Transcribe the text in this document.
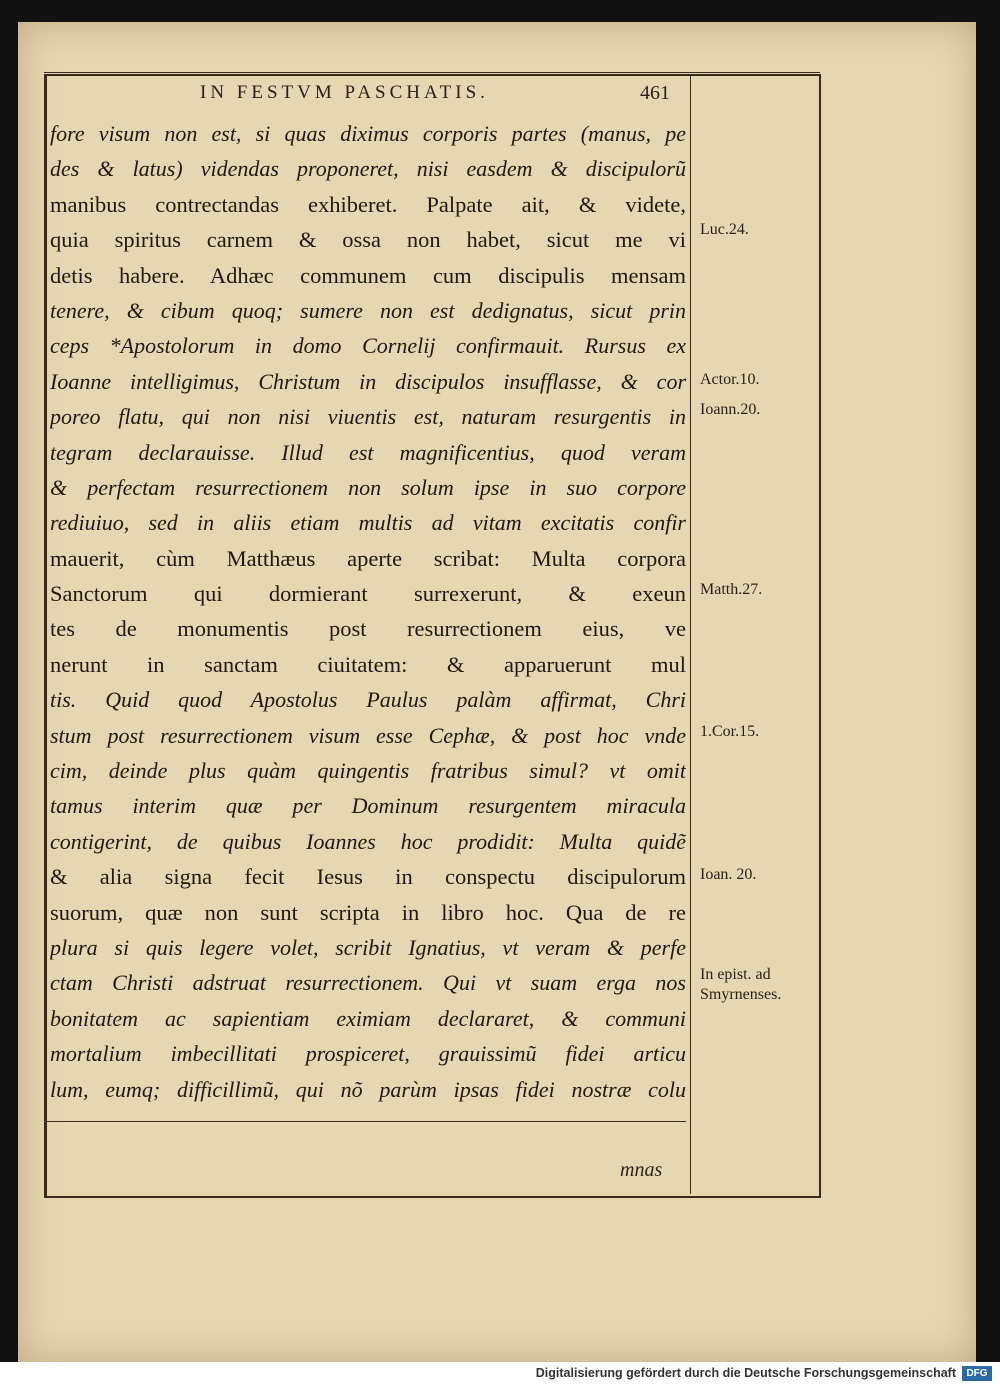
IN FESTVM PASCHATIS.	461
fore visum non est, si quas diximus corporis partes (manus, pe
des & latus) videndas proponeret, nisi easdem & discipulorũ
manibus contrectandas exhiberet. Palpate ait, & videte,
quia spiritus carnem & ossa non habet, sicut me vi
detis habere. Adhæc communem cum discipulis mensam
tenere, & cibum quoq; sumere non est dedignatus, sicut prin
ceps *Apostolorum in domo Cornelij confirmauit. Rursus ex
Ioanne intelligimus, Christum in discipulos insufflasse, & cor
poreo flatu, qui non nisi viuentis est, naturam resurgentis in
tegram declarauisse. Illud est magnificentius, quod veram
& perfectam resurrectionem non solum ipse in suo corpore
rediuiuo, sed in aliis etiam multis ad vitam excitatis confir
mauerit, cùm Matthæus aperte scribat: Multa corpora
Sanctorum qui dormierant surrexerunt, & exeun
tes de monumentis post resurrectionem eius, ve
nerunt in sanctam ciuitatem: & apparuerunt mul
tis. Quid quod Apostolus Paulus palàm affirmat, Chri
stum post resurrectionem visum esse Cephæ, & post hoc vnde
cim, deinde plus quàm quingentis fratribus simul? vt omit
tamus interim quæ per Dominum resurgentem miracula
contigerint, de quibus Ioannes hoc prodidit: Multa quidẽ
& alia signa fecit Iesus in conspectu discipulorum
suorum, quæ non sunt scripta in libro hoc. Qua de re
plura si quis legere volet, scribit Ignatius, vt veram & perfe
ctam Christi adstruat resurrectionem. Qui vt suam erga nos
bonitatem ac sapientiam eximiam declararet, & communi
mortalium imbecillitati prospiceret, grauissimũ fidei articu
lum, eumq; difficillimũ, qui nõ parùm ipsas fidei nostræ colu
Luc.24.
Actor.10.
Ioann.20.
Matth.27.
1.Cor.15.
Ioan. 20.
In epist. ad Smyrnenses.
mnas
Digitalisierung gefördert durch die Deutsche Forschungsgemeinschaft	DFG
